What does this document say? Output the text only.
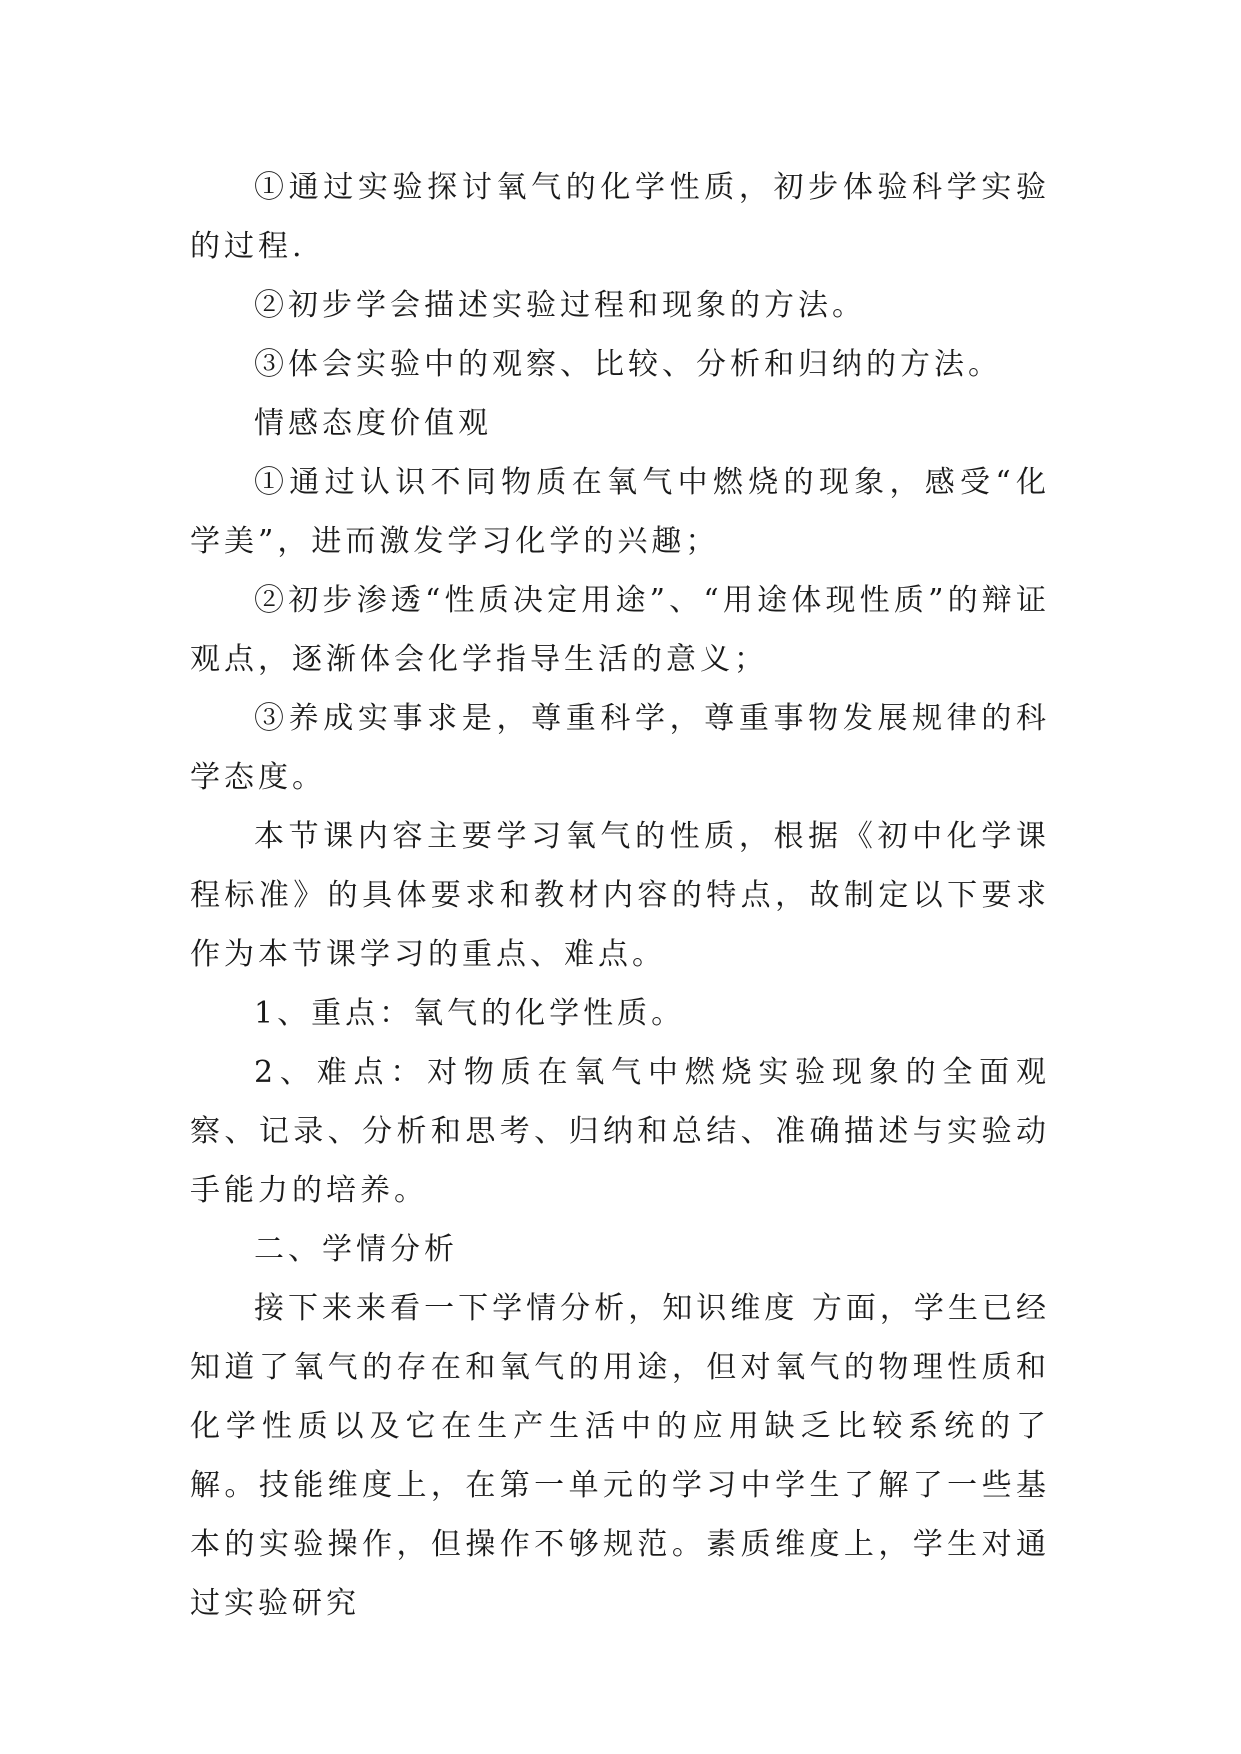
①通过实验探讨氧气的化学性质，初步体验科学实验的过程.

②初步学会描述实验过程和现象的方法。

③体会实验中的观察、比较、分析和归纳的方法。

情感态度价值观

①通过认识不同物质在氧气中燃烧的现象，感受“化学美”，进而激发学习化学的兴趣；

②初步渗透“性质决定用途”、“用途体现性质”的辩证观点，逐渐体会化学指导生活的意义；

③养成实事求是，尊重科学，尊重事物发展规律的科学态度。

本节课内容主要学习氧气的性质，根据《初中化学课程标准》的具体要求和教材内容的特点，故制定以下要求作为本节课学习的重点、难点。

1、重点：氧气的化学性质。

2、难点：对物质在氧气中燃烧实验现象的全面观察、记录、分析和思考、归纳和总结、准确描述与实验动手能力的培养。

二、学情分析

接下来来看一下学情分析，知识维度 方面，学生已经知道了氧气的存在和氧气的用途，但对氧气的物理性质和化学性质以及它在生产生活中的应用缺乏比较系统的了解。技能维度上，在第一单元的学习中学生了解了一些基本的实验操作，但操作不够规范。素质维度上，学生对通过实验研究
